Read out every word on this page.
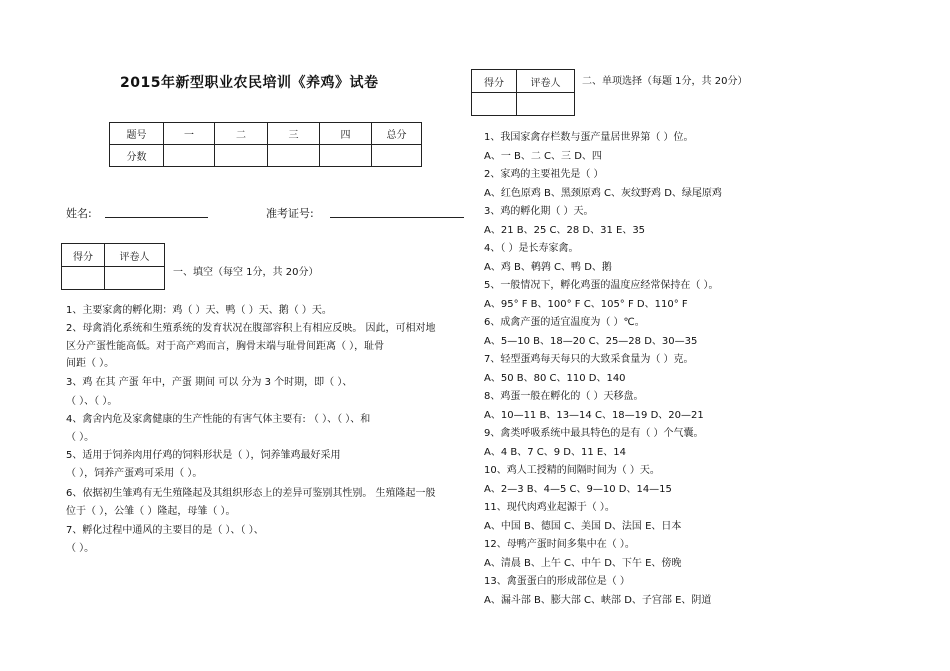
2015年新型职业农民培训《养鸡》试卷
题号	一	二	三	四	总分
分数					
姓名:	准考证号:
得分	评卷人

一、填空（每空 1分，共 20分）
1、主要家禽的孵化期：鸡（ ）天、鸭（ ）天、鹅（ ）天。
2、母禽消化系统和生殖系统的发育状况在腹部容积上有相应反映。 因此，可相对地
区分产蛋性能高低。对于高产鸡而言，胸骨末端与耻骨间距离（ ），耻骨
间距（ ）。
3、鸡 在其 产蛋 年中，产蛋 期间 可以 分为 3 个时期，即（ ）、
（ ）、（ ）。
4、禽舍内危及家禽健康的生产性能的有害气体主要有: （ ）、（ ）、和
（ ）。
5、适用于饲养肉用仔鸡的饲料形状是（ ），饲养雏鸡最好采用
（ ），饲养产蛋鸡可采用（ ）。
6、依据初生雏鸡有无生殖隆起及其组织形态上的差异可鉴别其性别。 生殖隆起一般
位于（ ），公雏（ ）隆起，母雏（ ）。
7、孵化过程中通风的主要目的是（ ）、（ ）、
（ ）。
得分	评卷人
	二、单项选择（每题 1分，共 20分）
1、我国家禽存栏数与蛋产量居世界第（ ）位。
A、一 B、二 C、三 D、四
2、家鸡的主要祖先是（ ）
A、红色原鸡 B、黑颈原鸡 C、灰纹野鸡 D、绿尾原鸡
3、鸡的孵化期（ ）天。
A、21 B、25 C、28 D、31 E、35
4、（ ）是长寿家禽。
A、鸡 B、鹌鹑 C、鸭 D、鹅
5、一般情况下，孵化鸡蛋的温度应经常保持在（ ）。
A、95° F B、100° F C、105° F D、110° F
6、成禽产蛋的适宜温度为（ ）℃。
A、5—10 B、18—20 C、25—28 D、30—35
7、轻型蛋鸡每天每只的大致采食量为（ ）克。
A、50 B、80 C、110 D、140
8、鸡蛋一般在孵化的（ ）天移盘。
A、10—11 B、13—14 C、18—19 D、20—21
9、禽类呼吸系统中最具特色的是有（ ）个气囊。
A、4 B、7 C、9 D、11 E、14
10、鸡人工授精的间隔时间为（ ）天。
A、2—3 B、4—5 C、9—10 D、14—15
11、现代肉鸡业起源于（ ）。
A、中国 B、德国 C、美国 D、法国 E、日本
12、母鸭产蛋时间多集中在（ ）。
A、清晨 B、上午 C、中午 D、下午 E、傍晚
13、禽蛋蛋白的形成部位是（ ）
A、漏斗部 B、膨大部 C、峡部 D、子宫部 E、阴道
